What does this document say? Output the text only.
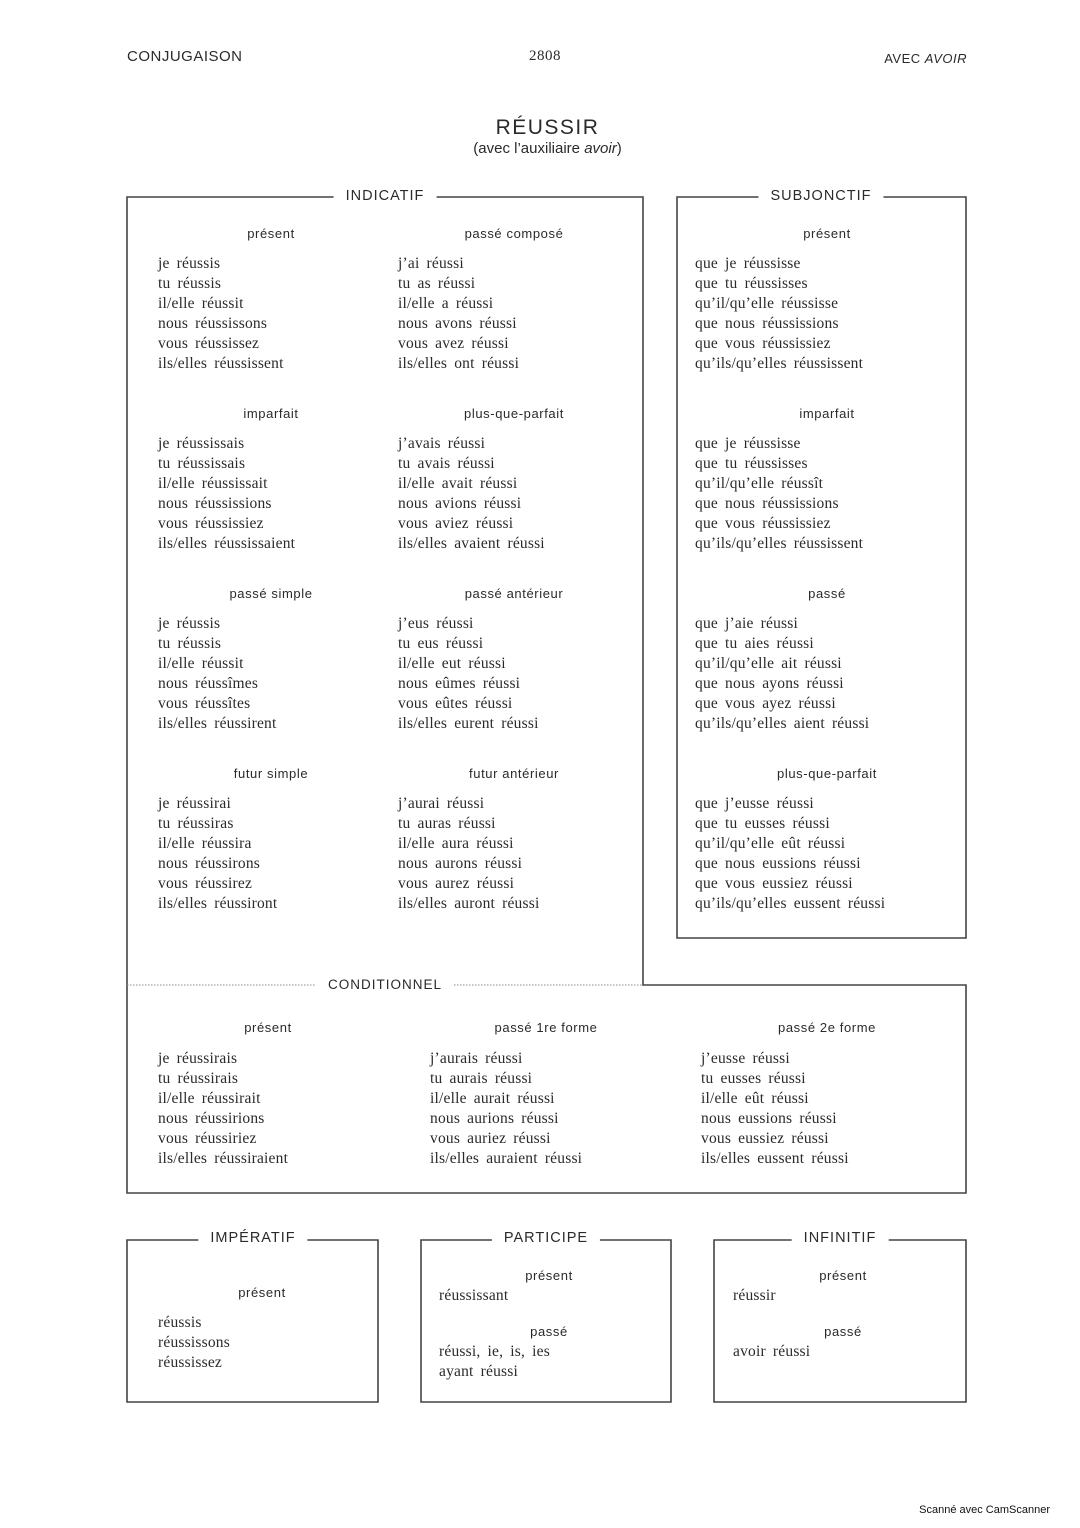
CONJUGAISON	2808	AVEC AVOIR
RÉUSSIR
(avec l’auxiliaire avoir)
INDICATIF	SUBJONCTIF
CONDITIONNEL
IMPÉRATIF	PARTICIPE	INFINITIF
Scanné avec CamScanner
présent
je réussis
tu réussis
il/elle réussit
nous réussissons
vous réussissez
ils/elles réussissent
passé composé
j’ai réussi
tu as réussi
il/elle a réussi
nous avons réussi
vous avez réussi
ils/elles ont réussi
présent
que je réussisse
que tu réussisses
qu’il/qu’elle réussisse
que nous réussissions
que vous réussissiez
qu’ils/qu’elles réussissent
imparfait
je réussissais
tu réussissais
il/elle réussissait
nous réussissions
vous réussissiez
ils/elles réussissaient
plus-que-parfait
j’avais réussi
tu avais réussi
il/elle avait réussi
nous avions réussi
vous aviez réussi
ils/elles avaient réussi
imparfait
que je réussisse
que tu réussisses
qu’il/qu’elle réussît
que nous réussissions
que vous réussissiez
qu’ils/qu’elles réussissent
passé simple
je réussis
tu réussis
il/elle réussit
nous réussîmes
vous réussîtes
ils/elles réussirent
passé antérieur
j’eus réussi
tu eus réussi
il/elle eut réussi
nous eûmes réussi
vous eûtes réussi
ils/elles eurent réussi
passé
que j’aie réussi
que tu aies réussi
qu’il/qu’elle ait réussi
que nous ayons réussi
que vous ayez réussi
qu’ils/qu’elles aient réussi
futur simple
je réussirai
tu réussiras
il/elle réussira
nous réussirons
vous réussirez
ils/elles réussiront
futur antérieur
j’aurai réussi
tu auras réussi
il/elle aura réussi
nous aurons réussi
vous aurez réussi
ils/elles auront réussi
plus-que-parfait
que j’eusse réussi
que tu eusses réussi
qu’il/qu’elle eût réussi
que nous eussions réussi
que vous eussiez réussi
qu’ils/qu’elles eussent réussi
présent
je réussirais
tu réussirais
il/elle réussirait
nous réussirions
vous réussiriez
ils/elles réussiraient
passé 1re forme
j’aurais réussi
tu aurais réussi
il/elle aurait réussi
nous aurions réussi
vous auriez réussi
ils/elles auraient réussi
passé 2e forme
j’eusse réussi
tu eusses réussi
il/elle eût réussi
nous eussions réussi
vous eussiez réussi
ils/elles eussent réussi
présent
réussis
réussissons
réussissez
présent
réussissant
passé
réussi, ie, is, ies
ayant réussi
présent
réussir
passé
avoir réussi
